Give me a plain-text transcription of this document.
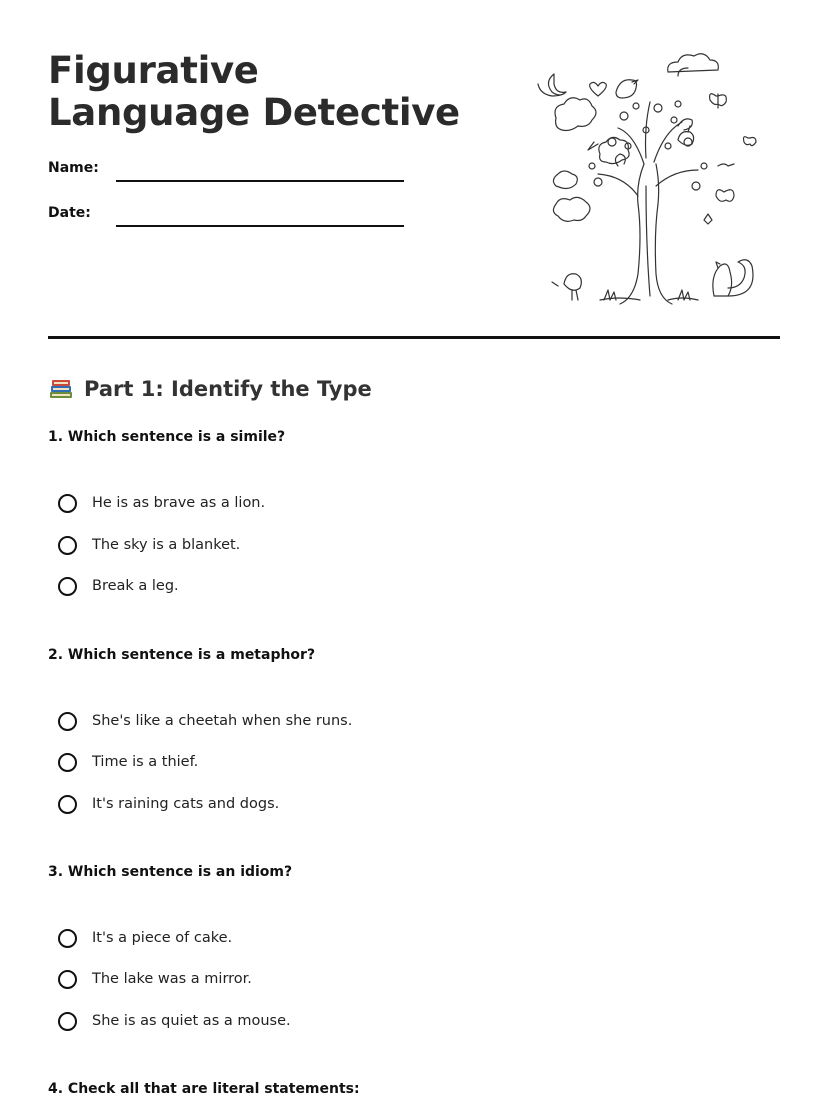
Figurative Language Detective
Name:
Date:
Part 1: Identify the Type

1. Which sentence is a simile?

He is as brave as a lion.
The sky is a blanket.
Break a leg.

2. Which sentence is a metaphor?

She's like a cheetah when she runs.
Time is a thief.
It's raining cats and dogs.

3. Which sentence is an idiom?

It's a piece of cake.
The lake was a mirror.
She is as quiet as a mouse.

4. Check all that are literal statements:
